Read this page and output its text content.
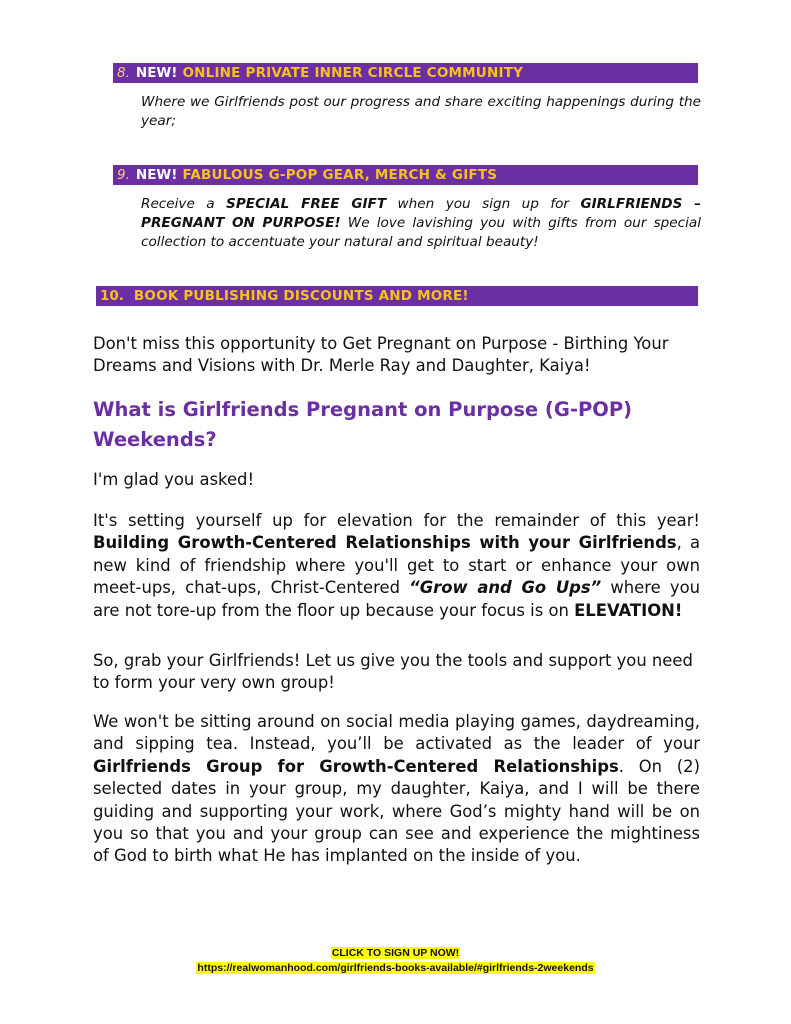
8. NEW! ONLINE PRIVATE INNER CIRCLE COMMUNITY
Where we Girlfriends post our progress and share exciting happenings during the year;
9. NEW! FABULOUS G-POP GEAR, MERCH & GIFTS
Receive a SPECIAL FREE GIFT when you sign up for GIRLFRIENDS – PREGNANT ON PURPOSE! We love lavishing you with gifts from our special collection to accentuate your natural and spiritual beauty!
10. BOOK PUBLISHING DISCOUNTS AND MORE!
Don't miss this opportunity to Get Pregnant on Purpose - Birthing Your Dreams and Visions with Dr. Merle Ray and Daughter, Kaiya!
What is Girlfriends Pregnant on Purpose (G-POP) Weekends?
I'm glad you asked!
It's setting yourself up for elevation for the remainder of this year! Building Growth-Centered Relationships with your Girlfriends, a new kind of friendship where you'll get to start or enhance your own meet-ups, chat-ups, Christ-Centered “Grow and Go Ups” where you are not tore-up from the floor up because your focus is on ELEVATION!
So, grab your Girlfriends! Let us give you the tools and support you need to form your very own group!
We won't be sitting around on social media playing games, daydreaming, and sipping tea. Instead, you’ll be activated as the leader of your Girlfriends Group for Growth-Centered Relationships. On (2) selected dates in your group, my daughter, Kaiya, and I will be there guiding and supporting your work, where God’s mighty hand will be on you so that you and your group can see and experience the mightiness of God to birth what He has implanted on the inside of you.
CLICK TO SIGN UP NOW!
https://realwomanhood.com/girlfriends-books-available/#girlfriends-2weekends
